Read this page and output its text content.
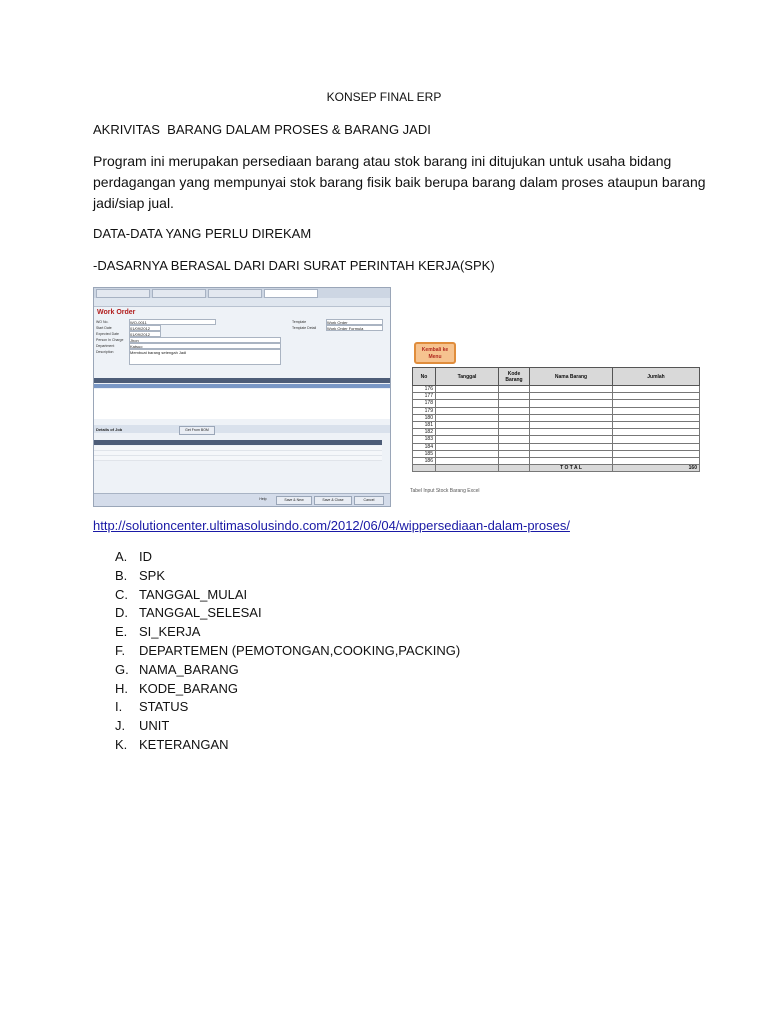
KONSEP FINAL ERP
AKRIVITAS  BARANG DALAM PROSES & BARANG JADI
Program ini merupakan persediaan barang atau stok barang ini ditujukan untuk usaha bidang perdagangan yang mempunyai stok barang fisik baik berupa barang dalam proses ataupun barang jadi/siap jual.
DATA-DATA YANG PERLU DIREKAM
-DASARNYA BERASAL DARI DARI SURAT PERINTAH KERJA(SPK)
Work Order
WO No.	WO-0011
Start Date	01/09/2012
Expected Date	01/09/2012
Person In Charge Jhon
Department	Katsuo
Description	Membuat barang setengah Jadi
Template	Work Order
Template Detail	Work Order Formula
Details of Job	Get From BOM
Help	Save & New	Save & Close	Cancel
Kembali ke Menu
No	Tanggal	Kode Barang	Nama Barang	Jumlah
176				
177				
178				
179				
180				
181				
182				
183				
184				
185				
186				
			T O T A L	160
Tabel Input Stock Barang Excel
http://solutioncenter.ultimasolusindo.com/2012/06/04/wippersediaan-dalam-proses/
A. ID
B. SPK
C. TANGGAL_MULAI
D. TANGGAL_SELESAI
E. SI_KERJA
F.	DEPARTEMEN (PEMOTONGAN,COOKING,PACKING)
G. NAMA_BARANG
H. KODE_BARANG
I.	STATUS
J.	UNIT
K. KETERANGAN
